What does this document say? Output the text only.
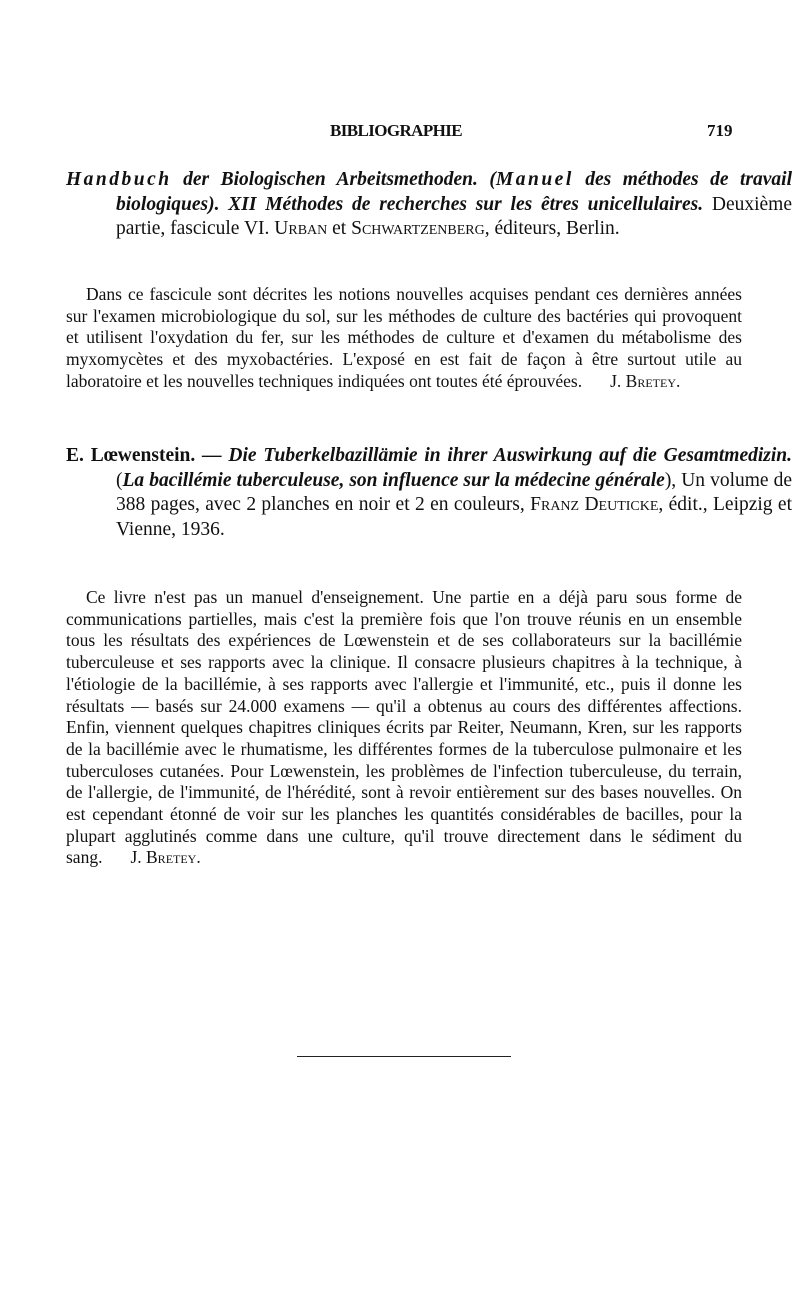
BIBLIOGRAPHIE	719
Handbuch der Biologischen Arbeitsmethoden. (Manuel des méthodes de travail biologiques). XII Méthodes de recherches sur les êtres unicellulaires. Deuxième partie, fascicule VI. Urban et Schwartzenberg, éditeurs, Berlin.
Dans ce fascicule sont décrites les notions nouvelles acquises pendant ces dernières années sur l'examen microbiologique du sol, sur les méthodes de culture des bactéries qui provoquent et utilisent l'oxydation du fer, sur les méthodes de culture et d'examen du métabolisme des myxomycètes et des myxobactéries. L'exposé en est fait de façon à être surtout utile au laboratoire et les nouvelles techniques indiquées ont toutes été éprouvées. J. Bretey.
E. Lœwenstein. — Die Tuberkelbazillämie in ihrer Auswirkung auf die Gesamtmedizin. (La bacillémie tuberculeuse, son influence sur la médecine générale), Un volume de 388 pages, avec 2 planches en noir et 2 en couleurs, Franz Deuticke, édit., Leipzig et Vienne, 1936.
Ce livre n'est pas un manuel d'enseignement. Une partie en a déjà paru sous forme de communications partielles, mais c'est la première fois que l'on trouve réunis en un ensemble tous les résultats des expériences de Lœwenstein et de ses collaborateurs sur la bacillémie tuberculeuse et ses rapports avec la clinique. Il consacre plusieurs chapitres à la technique, à l'étiologie de la bacillémie, à ses rapports avec l'allergie et l'immunité, etc., puis il donne les résultats — basés sur 24.000 examens — qu'il a obtenus au cours des différentes affections. Enfin, viennent quelques chapitres cliniques écrits par Reiter, Neumann, Kren, sur les rapports de la bacillémie avec le rhumatisme, les différentes formes de la tuberculose pulmonaire et les tuberculoses cutanées. Pour Lœwenstein, les problèmes de l'infection tuberculeuse, du terrain, de l'allergie, de l'immunité, de l'hérédité, sont à revoir entièrement sur des bases nouvelles. On est cependant étonné de voir sur les planches les quantités considérables de bacilles, pour la plupart agglutinés comme dans une culture, qu'il trouve directement dans le sédiment du sang. J. Bretey.
